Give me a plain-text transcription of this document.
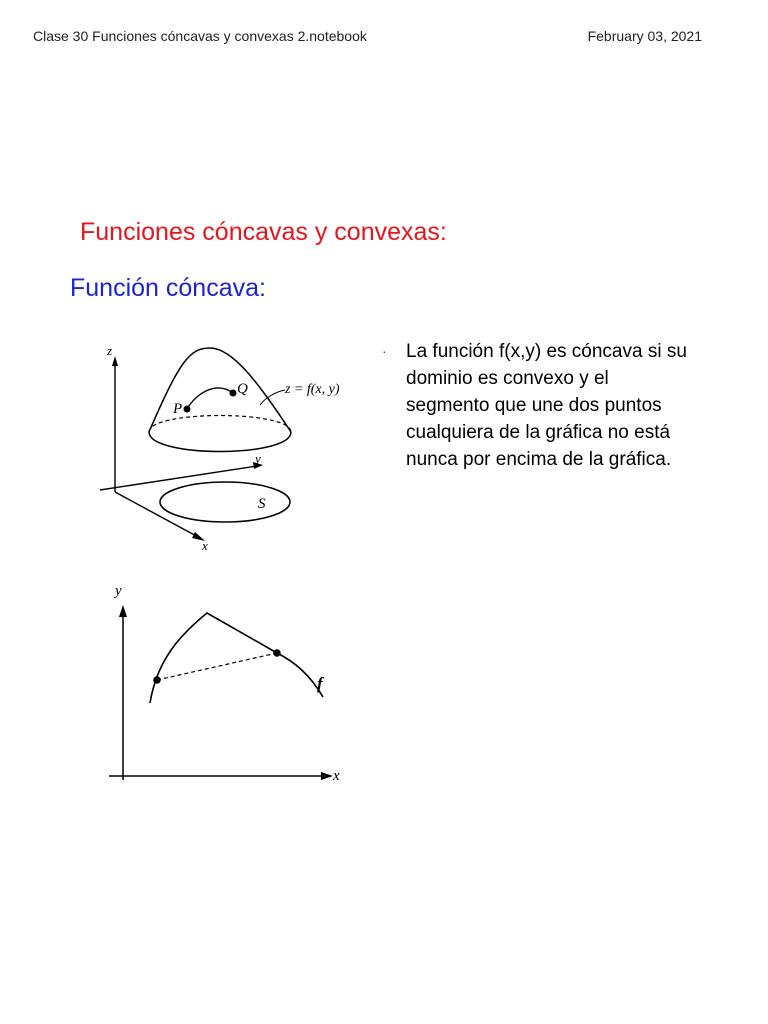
Clase 30 Funciones cóncavas y convexas 2.notebook	February 03, 2021
Funciones cóncavas y convexas:
Función cóncava:
z
y
x
P
Q
S
z = f(x, y)
y
x
f
· La función f(x,y) es cóncava si su dominio es convexo y el segmento que une dos puntos cualquiera de la gráfica no está nunca por encima de la gráfica.
